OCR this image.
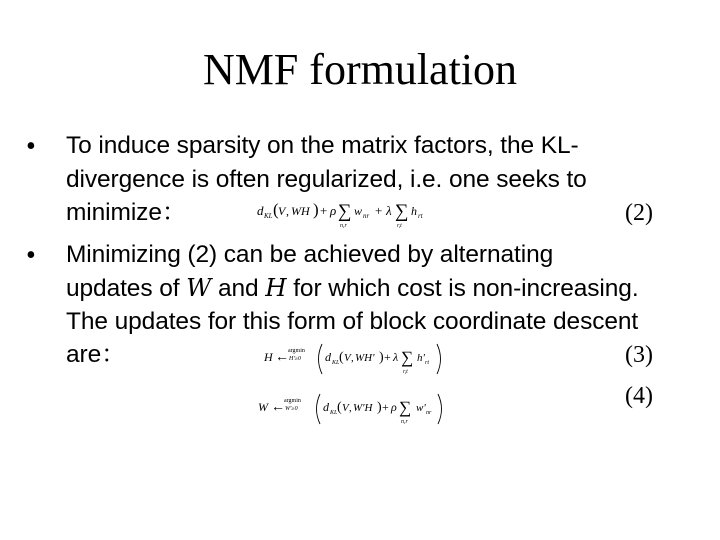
NMF formulation
• To induce sparsity on the matrix factors, the KL-
divergence is often regularized, i.e. one seeks to
minimize：	d KL ( V , WH ) + ρ ∑
n,r
w nr + λ ∑
r,t
h rt	(2)
• Minimizing (2) can be achieved by alternating
updates of W and H for which cost is non-increasing.
The updates for this form of block coordinate descent
are：	H ← argmin
H'≥0 d KL ( V , WH' ) + λ ∑
r,t
h' rt	(3)
W ← argmin
W'≥0 d KL ( V , W'H ) + ρ ∑
n,r
w' nr
(4)
